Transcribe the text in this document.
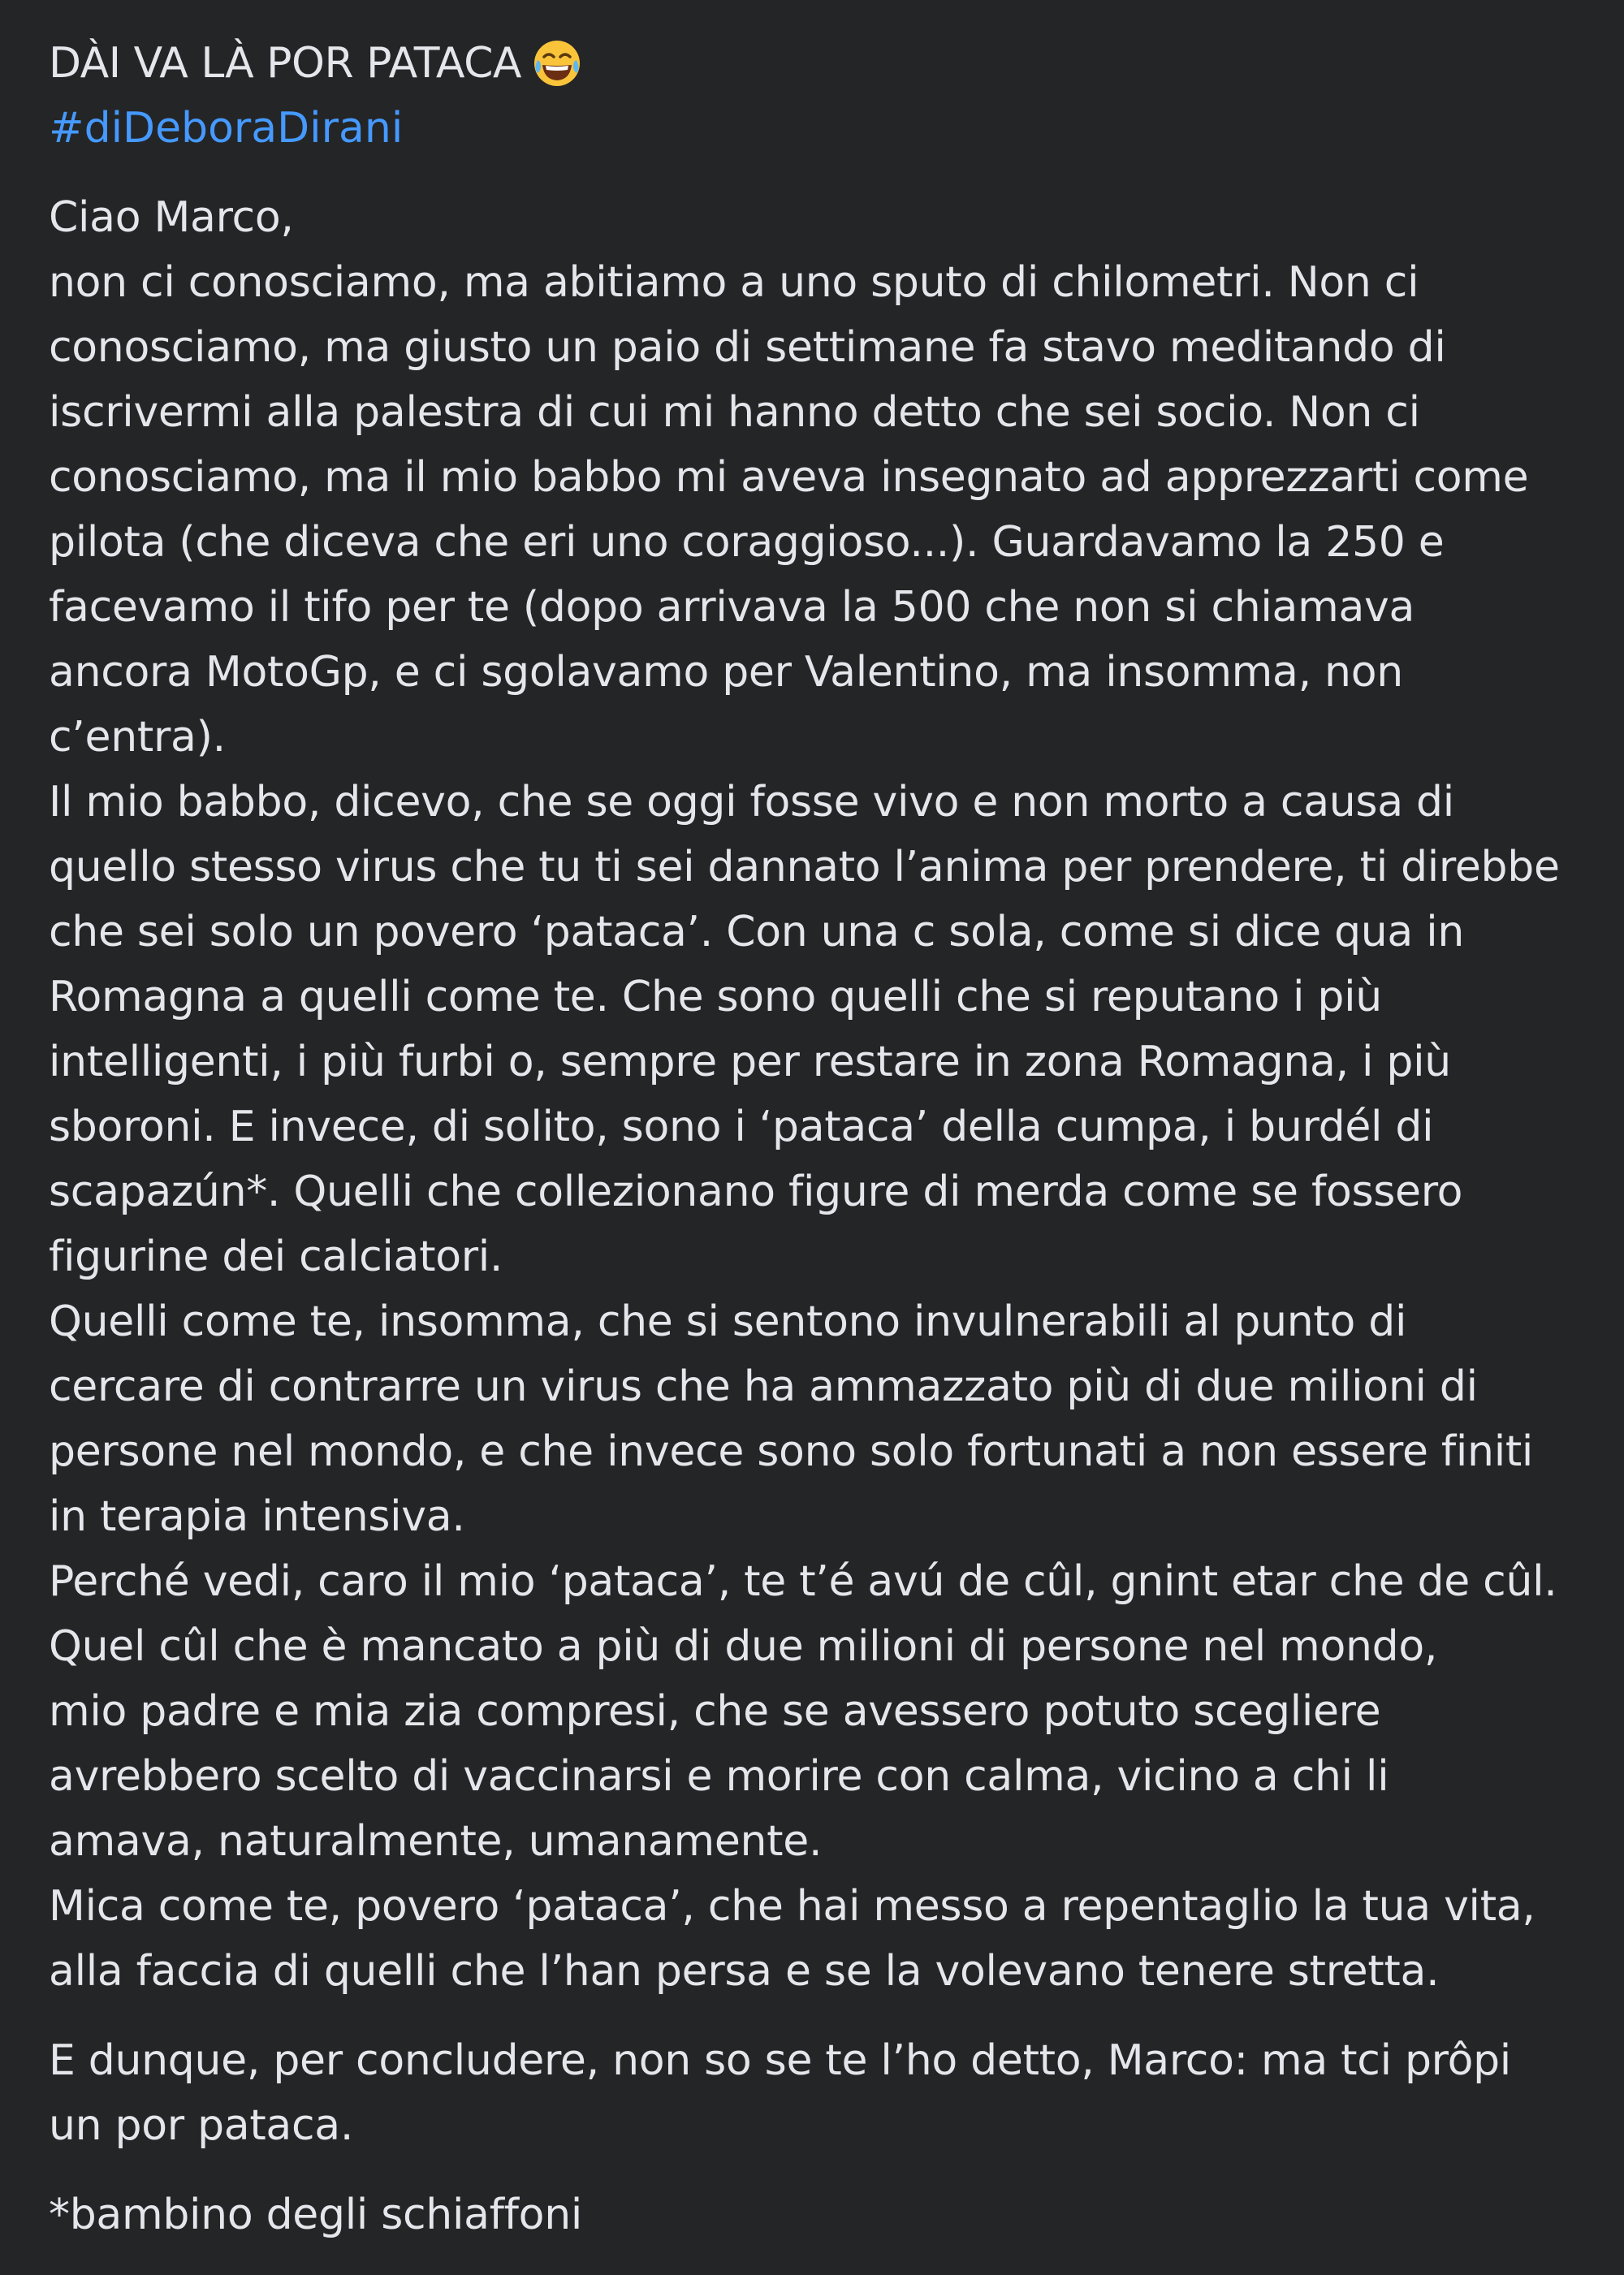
DÀI VA LÀ POR PATACA
#diDeboraDirani
Ciao Marco,
non ci conosciamo, ma abitiamo a uno sputo di chilometri. Non ci
conosciamo, ma giusto un paio di settimane fa stavo meditando di
iscrivermi alla palestra di cui mi hanno detto che sei socio. Non ci
conosciamo, ma il mio babbo mi aveva insegnato ad apprezzarti come
pilota (che diceva che eri uno coraggioso...). Guardavamo la 250 e
facevamo il tifo per te (dopo arrivava la 500 che non si chiamava
ancora MotoGp, e ci sgolavamo per Valentino, ma insomma, non
c’entra).
Il mio babbo, dicevo, che se oggi fosse vivo e non morto a causa di
quello stesso virus che tu ti sei dannato l’anima per prendere, ti direbbe
che sei solo un povero ‘pataca’. Con una c sola, come si dice qua in
Romagna a quelli come te. Che sono quelli che si reputano i più
intelligenti, i più furbi o, sempre per restare in zona Romagna, i più
sboroni. E invece, di solito, sono i ‘pataca’ della cumpa, i burdél di
scapazún*. Quelli che collezionano figure di merda come se fossero
figurine dei calciatori.
Quelli come te, insomma, che si sentono invulnerabili al punto di
cercare di contrarre un virus che ha ammazzato più di due milioni di
persone nel mondo, e che invece sono solo fortunati a non essere finiti
in terapia intensiva.
Perché vedi, caro il mio ‘pataca’, te t’é avú de cûl, gnint etar che de cûl.
Quel cûl che è mancato a più di due milioni di persone nel mondo,
mio padre e mia zia compresi, che se avessero potuto scegliere
avrebbero scelto di vaccinarsi e morire con calma, vicino a chi li
amava, naturalmente, umanamente.
Mica come te, povero ‘pataca’, che hai messo a repentaglio la tua vita,
alla faccia di quelli che l’han persa e se la volevano tenere stretta.
E dunque, per concludere, non so se te l’ho detto, Marco: ma tci prôpi
un por pataca.
*bambino degli schiaffoni
